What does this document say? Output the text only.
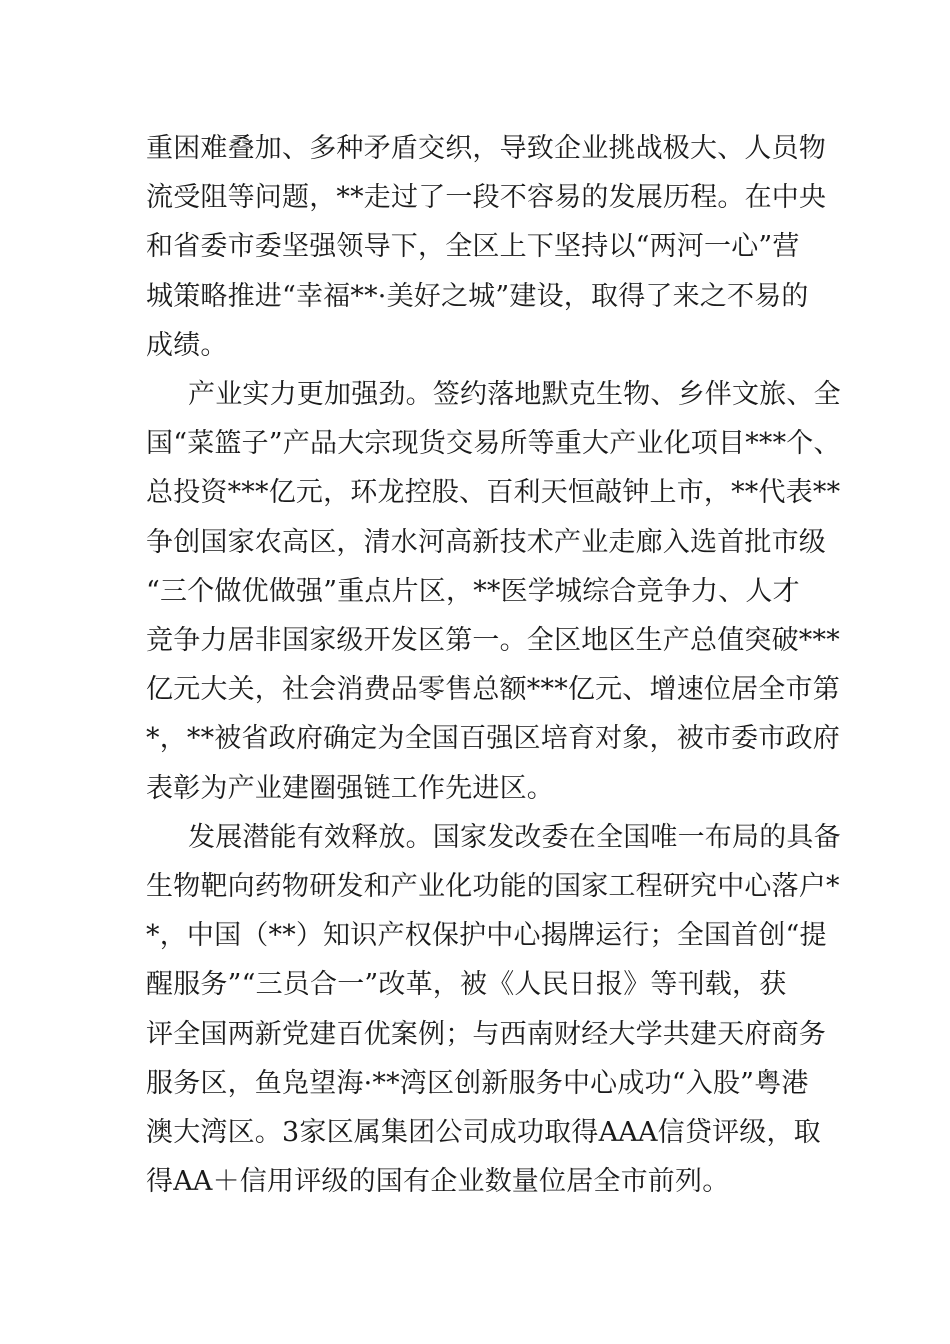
重困难叠加、多种矛盾交织，导致企业挑战极大、人员物
流受阻等问题，**走过了一段不容易的发展历程。在中央
和省委市委坚强领导下，全区上下坚持以“两河一心”营
城策略推进“幸福**·美好之城”建设，取得了来之不易的
成绩。

产业实力更加强劲。签约落地默克生物、乡伴文旅、全
国“菜篮子”产品大宗现货交易所等重大产业化项目***个、
总投资***亿元，环龙控股、百利天恒敲钟上市，**代表**
争创国家农高区，清水河高新技术产业走廊入选首批市级
“三个做优做强”重点片区，**医学城综合竞争力、人才
竞争力居非国家级开发区第一。全区地区生产总值突破***
亿元大关，社会消费品零售总额***亿元、增速位居全市第
*，**被省政府确定为全国百强区培育对象，被市委市政府
表彰为产业建圈强链工作先进区。

发展潜能有效释放。国家发改委在全国唯一布局的具备
生物靶向药物研发和产业化功能的国家工程研究中心落户*
*，中国（**）知识产权保护中心揭牌运行；全国首创“提
醒服务”“三员合一”改革，被《人民日报》等刊载，获
评全国两新党建百优案例；与西南财经大学共建天府商务
服务区，鱼凫望海·**湾区创新服务中心成功“入股”粤港
澳大湾区。3家区属集团公司成功取得AAA信贷评级，取
得AA＋信用评级的国有企业数量位居全市前列。
